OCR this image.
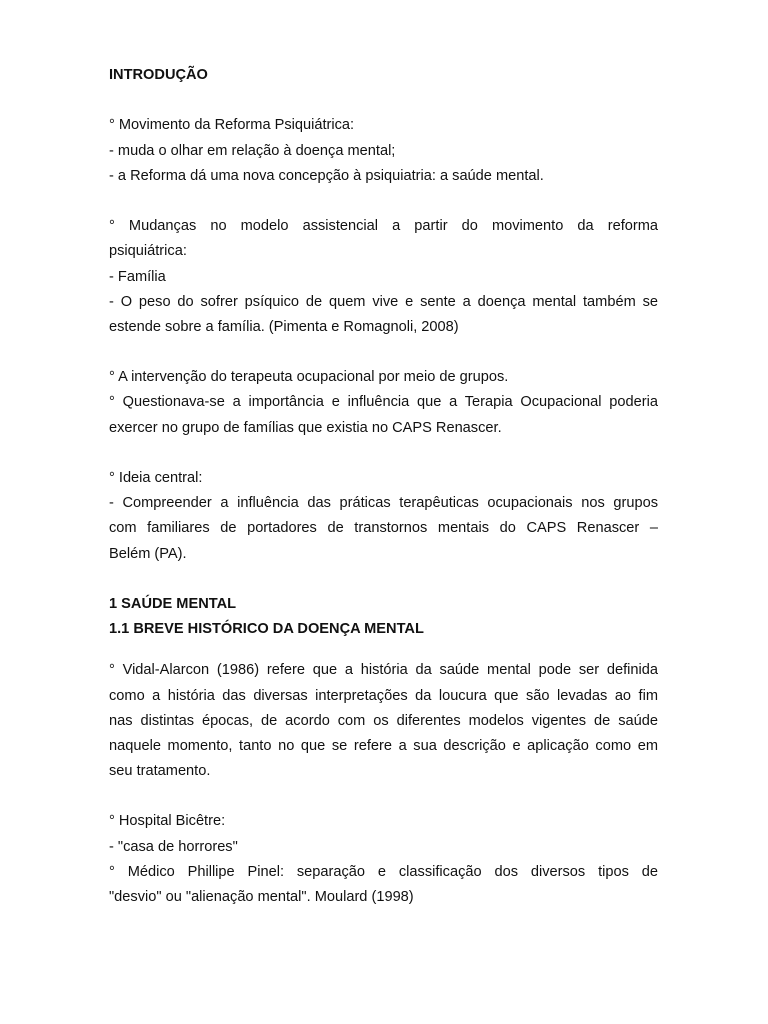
INTRODUÇÃO
° Movimento da Reforma Psiquiátrica:
- muda o olhar em relação à doença mental;
- a Reforma dá uma nova concepção à psiquiatria: a saúde mental.
° Mudanças no modelo assistencial a partir do movimento da reforma
psiquiátrica:
- Família
- O peso do sofrer psíquico de quem vive e sente a doença mental também se
estende sobre a família. (Pimenta e Romagnoli, 2008)
° A intervenção do terapeuta ocupacional por meio de grupos.
° Questionava-se a importância e influência que a Terapia Ocupacional poderia
exercer no grupo de famílias que existia no CAPS Renascer.
° Ideia central:
- Compreender a influência das práticas terapêuticas ocupacionais nos grupos
com familiares de portadores de transtornos mentais do CAPS Renascer –
Belém (PA).
1 SAÚDE MENTAL
1.1 BREVE HISTÓRICO DA DOENÇA MENTAL
° Vidal-Alarcon (1986) refere que a história da saúde mental pode ser definida
como a história das diversas interpretações da loucura que são levadas ao fim
nas distintas épocas, de acordo com os diferentes modelos vigentes de saúde
naquele momento, tanto no que se refere a sua descrição e aplicação como em
seu tratamento.
° Hospital Bicêtre:
- "casa de horrores"
° Médico Phillipe Pinel: separação e classificação dos diversos tipos de
"desvio" ou "alienação mental". Moulard (1998)
